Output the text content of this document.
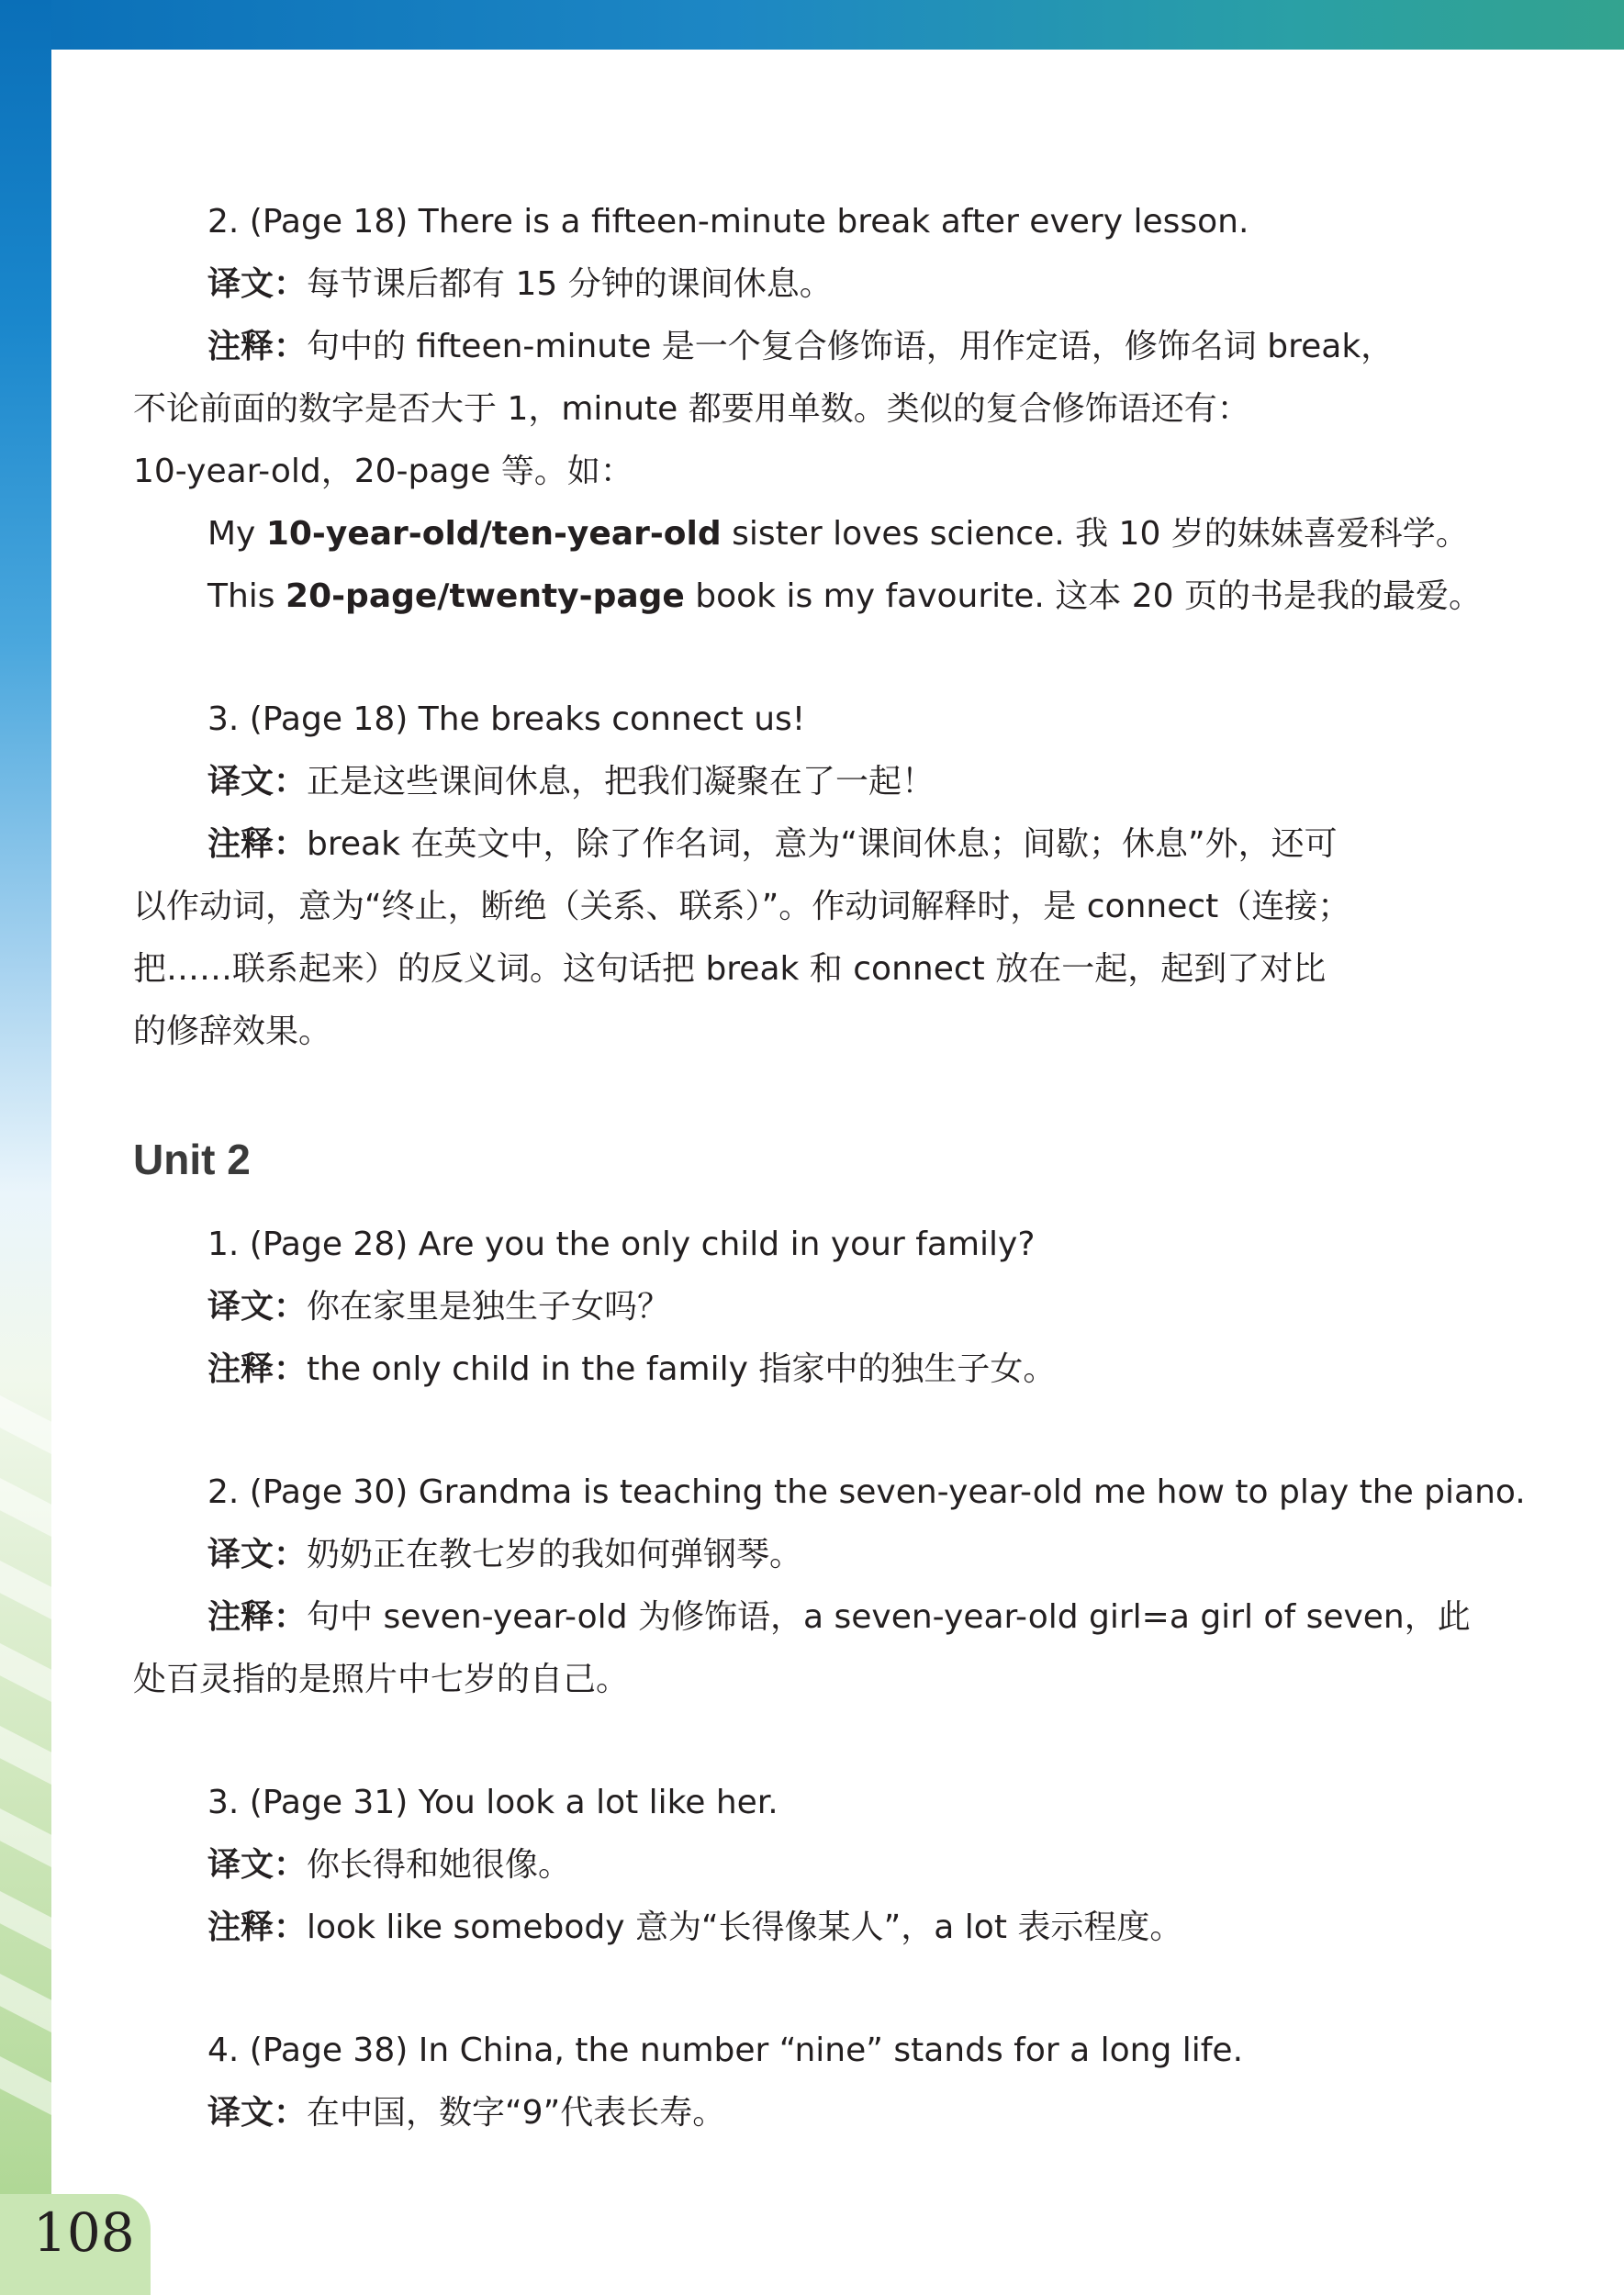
2. (Page 18) There is a fifteen-minute break after every lesson.
译文：每节课后都有 15 分钟的课间休息。
注释：句中的 fifteen-minute 是一个复合修饰语，用作定语，修饰名词 break，
不论前面的数字是否大于 1，minute 都要用单数。类似的复合修饰语还有：
10-year-old，20-page 等。如：
My 10-year-old/ten-year-old sister loves science. 我 10 岁的妹妹喜爱科学。
This 20-page/twenty-page book is my favourite. 这本 20 页的书是我的最爱。
3. (Page 18) The breaks connect us!
译文：正是这些课间休息，把我们凝聚在了一起！
注释：break 在英文中，除了作名词，意为“课间休息；间歇；休息”外，还可
以作动词，意为“终止，断绝（关系、联系）”。作动词解释时，是 connect（连接；
把……联系起来）的反义词。这句话把 break 和 connect 放在一起，起到了对比
的修辞效果。
Unit 2
1. (Page 28) Are you the only child in your family?
译文：你在家里是独生子女吗？
注释：the only child in the family 指家中的独生子女。
2. (Page 30) Grandma is teaching the seven-year-old me how to play the piano.
译文：奶奶正在教七岁的我如何弹钢琴。
注释：句中 seven-year-old 为修饰语，a seven-year-old girl=a girl of seven，此
处百灵指的是照片中七岁的自己。
3. (Page 31) You look a lot like her.
译文：你长得和她很像。
注释：look like somebody 意为“长得像某人”，a lot 表示程度。
4. (Page 38) In China, the number “nine” stands for a long life.
译文：在中国，数字“9”代表长寿。
108
